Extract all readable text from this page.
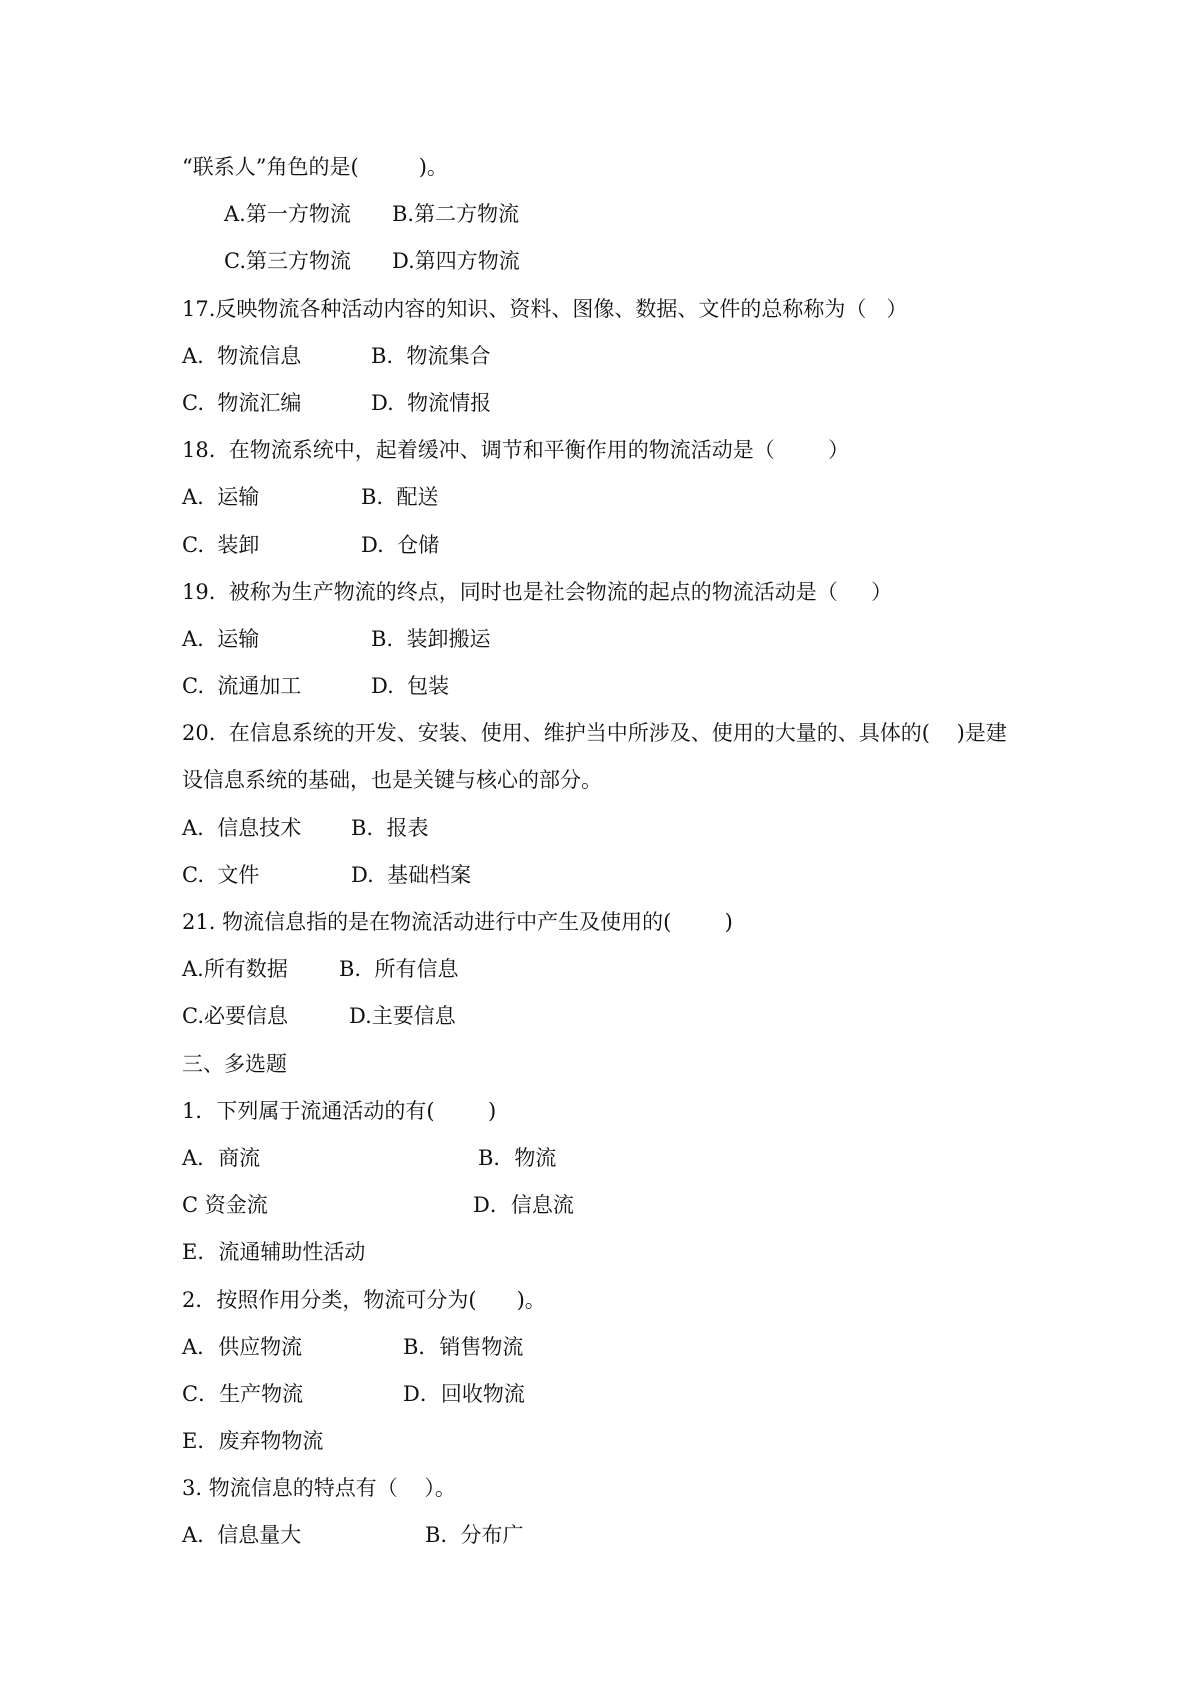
“联系人”角色的是(         )。

A.第一方物流

B.第二方物流

C.第三方物流

D.第四方物流

17.反映物流各种活动内容的知识、资料、图像、数据、文件的总称称为（   ）

A.  物流信息

	B.  物流集合

C.  物流汇编

	D.  物流情报

18.  在物流系统中，起着缓冲、调节和平衡作用的物流活动是（        ）

A.  运输

	B.  配送

C.  装卸

	D.  仓储

19.  被称为生产物流的终点，同时也是社会物流的起点的物流活动是（     ）

A.  运输

	B.  装卸搬运

C.  流通加工

	D.  包装

20.  在信息系统的开发、安装、使用、维护当中所涉及、使用的大量的、具体的(    )是建
设信息系统的基础，也是关键与核心的部分。

A.  信息技术

B.  报表

C.  文件

	D.  基础档案

21. 物流信息指的是在物流活动进行中产生及使用的(        )

A.所有数据

B.  所有信息

C.必要信息

	D.主要信息

三、多选题
1．下列属于流通活动的有(        )

A．商流

	B．物流

C 资金流

	D．信息流

E．流通辅助性活动

2．按照作用分类，物流可分为(      )。

A．供应物流

	B．销售物流

C．生产物流

	D．回收物流

E．废弃物物流

3. 物流信息的特点有（    ）。

A.  信息量大

	B.  分布广
